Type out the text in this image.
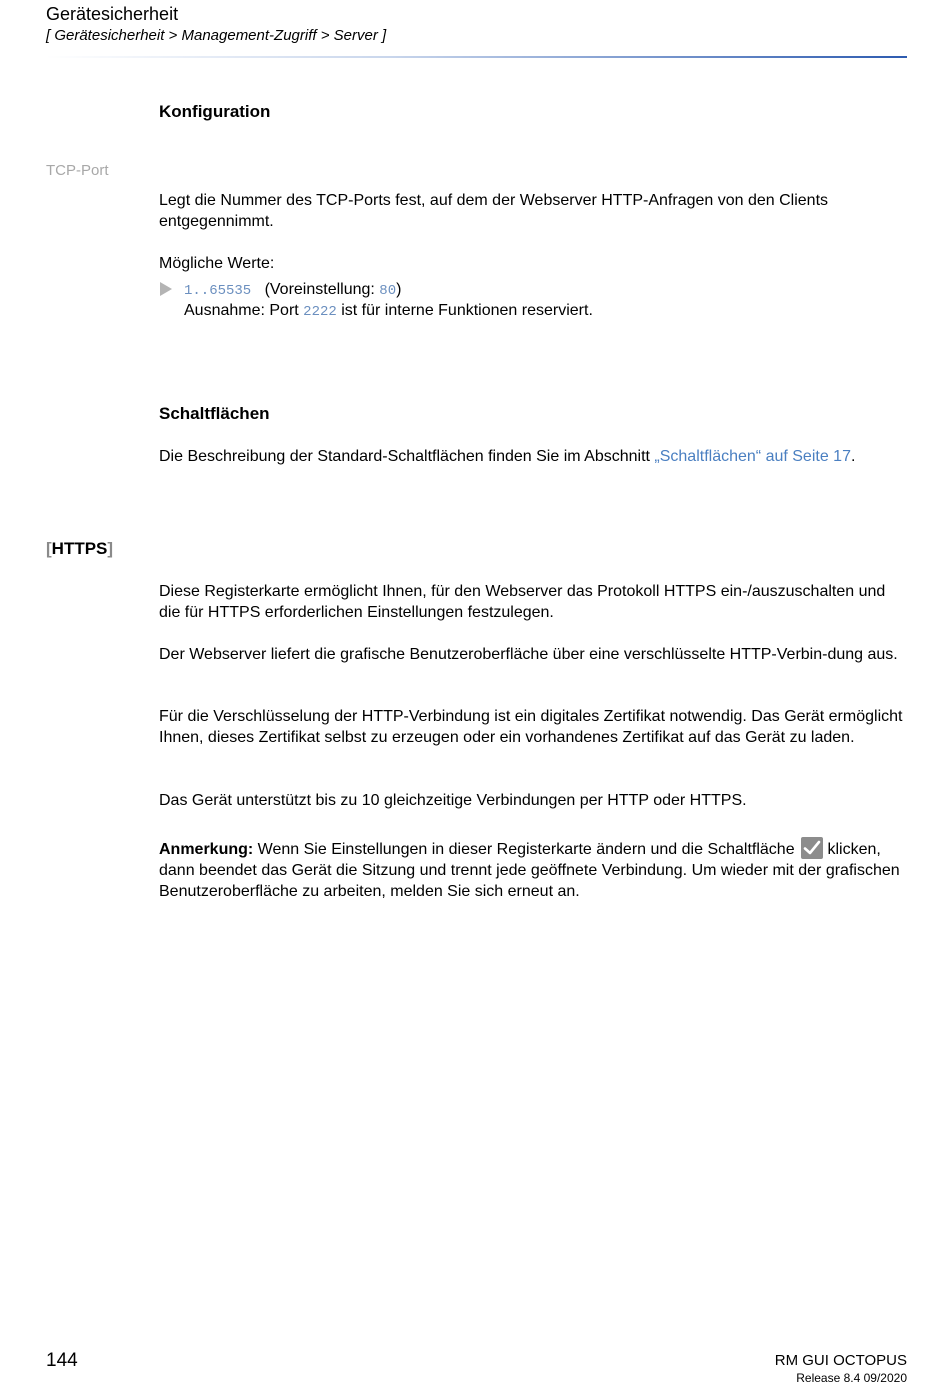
Gerätesicherheit
[ Gerätesicherheit > Management-Zugriff > Server ]
Konfiguration
TCP-Port
Legt die Nummer des TCP-Ports fest, auf dem der Webserver HTTP-Anfragen von den Clients entgegennimmt.
Mögliche Werte:
1..65535 (Voreinstellung: 80)
Ausnahme: Port 2222 ist für interne Funktionen reserviert.
Schaltflächen
Die Beschreibung der Standard-Schaltflächen finden Sie im Abschnitt „Schaltflächen“ auf Seite 17.
[HTTPS]
Diese Registerkarte ermöglicht Ihnen, für den Webserver das Protokoll HTTPS ein-/auszuschalten und die für HTTPS erforderlichen Einstellungen festzulegen.
Der Webserver liefert die grafische Benutzeroberfläche über eine verschlüsselte HTTP-Verbin-dung aus.
Für die Verschlüsselung der HTTP-Verbindung ist ein digitales Zertifikat notwendig. Das Gerät ermöglicht Ihnen, dieses Zertifikat selbst zu erzeugen oder ein vorhandenes Zertifikat auf das Gerät zu laden.
Das Gerät unterstützt bis zu 10 gleichzeitige Verbindungen per HTTP oder HTTPS.
Anmerkung: Wenn Sie Einstellungen in dieser Registerkarte ändern und die Schaltfläche
klicken, dann beendet das Gerät die Sitzung und trennt jede geöffnete Verbindung. Um wieder mit der grafischen Benutzeroberfläche zu arbeiten, melden Sie sich erneut an.
144	RM GUI OCTOPUS
Release 8.4 09/2020
